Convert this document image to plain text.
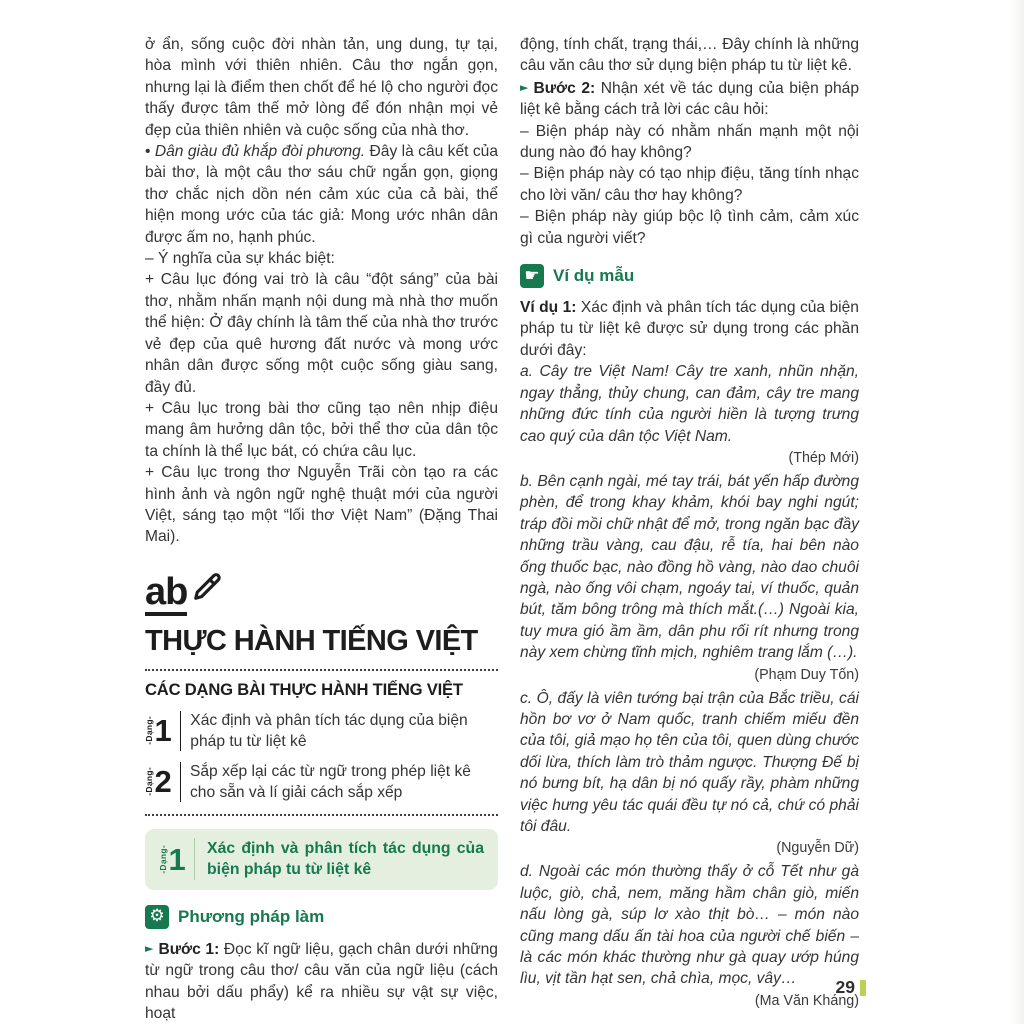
ở ẩn, sống cuộc đời nhàn tản, ung dung, tự tại, hòa mình với thiên nhiên. Câu thơ ngắn gọn, nhưng lại là điểm then chốt để hé lộ cho người đọc thấy được tâm thế mở lòng để đón nhận mọi vẻ đẹp của thiên nhiên và cuộc sống của nhà thơ.

• Dân giàu đủ khắp đòi phương. Đây là câu kết của bài thơ, là một câu thơ sáu chữ ngắn gọn, giọng thơ chắc nịch dồn nén cảm xúc của cả bài, thể hiện mong ước của tác giả: Mong ước nhân dân được ấm no, hạnh phúc.

– Ý nghĩa của sự khác biệt:

+ Câu lục đóng vai trò là câu “đột sáng” của bài thơ, nhằm nhấn mạnh nội dung mà nhà thơ muốn thể hiện: Ở đây chính là tâm thế của nhà thơ trước vẻ đẹp của quê hương đất nước và mong ước nhân dân được sống một cuộc sống giàu sang, đầy đủ.

+ Câu lục trong bài thơ cũng tạo nên nhịp điệu mang âm hưởng dân tộc, bởi thể thơ của dân tộc ta chính là thể lục bát, có chứa câu lục.

+ Câu lục trong thơ Nguyễn Trãi còn tạo ra các hình ảnh và ngôn ngữ nghệ thuật mới của người Việt, sáng tạo một “lối thơ Việt Nam” (Đặng Thai Mai).

ab
THỰC HÀNH TIẾNG VIỆT
CÁC DẠNG BÀI THỰC HÀNH TIẾNG VIỆT
-Dạng- 1 Xác định và phân tích tác dụng của biện pháp tu từ liệt kê
-Dạng- 2 Sắp xếp lại các từ ngữ trong phép liệt kê cho sẵn và lí giải cách sắp xếp
-Dạng- 1 Xác định và phân tích tác dụng của biện pháp tu từ liệt kê
⚙ Phương pháp làm

► Bước 1: Đọc kĩ ngữ liệu, gạch chân dưới những từ ngữ trong câu thơ/ câu văn của ngữ liệu (cách nhau bởi dấu phẩy) kể ra nhiều sự vật sự việc, hoạt

động, tính chất, trạng thái,… Đây chính là những câu văn câu thơ sử dụng biện pháp tu từ liệt kê.

► Bước 2: Nhận xét về tác dụng của biện pháp liệt kê bằng cách trả lời các câu hỏi:

– Biện pháp này có nhằm nhấn mạnh một nội dung nào đó hay không?

– Biện pháp này có tạo nhịp điệu, tăng tính nhạc cho lời văn/ câu thơ hay không?

– Biện pháp này giúp bộc lộ tình cảm, cảm xúc gì của người viết?

☛ Ví dụ mẫu

Ví dụ 1: Xác định và phân tích tác dụng của biện pháp tu từ liệt kê được sử dụng trong các phần dưới đây:

a. Cây tre Việt Nam! Cây tre xanh, nhũn nhặn, ngay thẳng, thủy chung, can đảm, cây tre mang những đức tính của người hiền là tượng trưng cao quý của dân tộc Việt Nam.

(Thép Mới)

b. Bên cạnh ngài, mé tay trái, bát yến hấp đường phèn, để trong khay khảm, khói bay nghi ngút; tráp đồi mồi chữ nhật để mở, trong ngăn bạc đầy những trầu vàng, cau đậu, rễ tía, hai bên nào ống thuốc bạc, nào đồng hồ vàng, nào dao chuôi ngà, nào ống vôi chạm, ngoáy tai, ví thuốc, quản bút, tăm bông trông mà thích mắt.(…) Ngoài kia, tuy mưa gió ầm ầm, dân phu rối rít nhưng trong này xem chừng tĩnh mịch, nghiêm trang lắm (…).

(Phạm Duy Tốn)

c. Ô, đấy là viên tướng bại trận của Bắc triều, cái hồn bơ vơ ở Nam quốc, tranh chiếm miếu đền của tôi, giả mạo họ tên của tôi, quen dùng chước dối lừa, thích làm trò thảm ngược. Thượng Đế bị nó bưng bít, hạ dân bị nó quấy rầy, phàm những việc hưng yêu tác quái đều tự nó cả, chứ có phải tôi đâu.

(Nguyễn Dữ)

d. Ngoài các món thường thấy ở cỗ Tết như gà luộc, giò, chả, nem, măng hầm chân giò, miến nấu lòng gà, súp lơ xào thịt bò… – món nào cũng mang dấu ấn tài hoa của người chế biến – là các món khác thường như gà quay ướp húng lìu, vịt tần hạt sen, chả chìa, mọc, vây…

(Ma Văn Kháng)

29
